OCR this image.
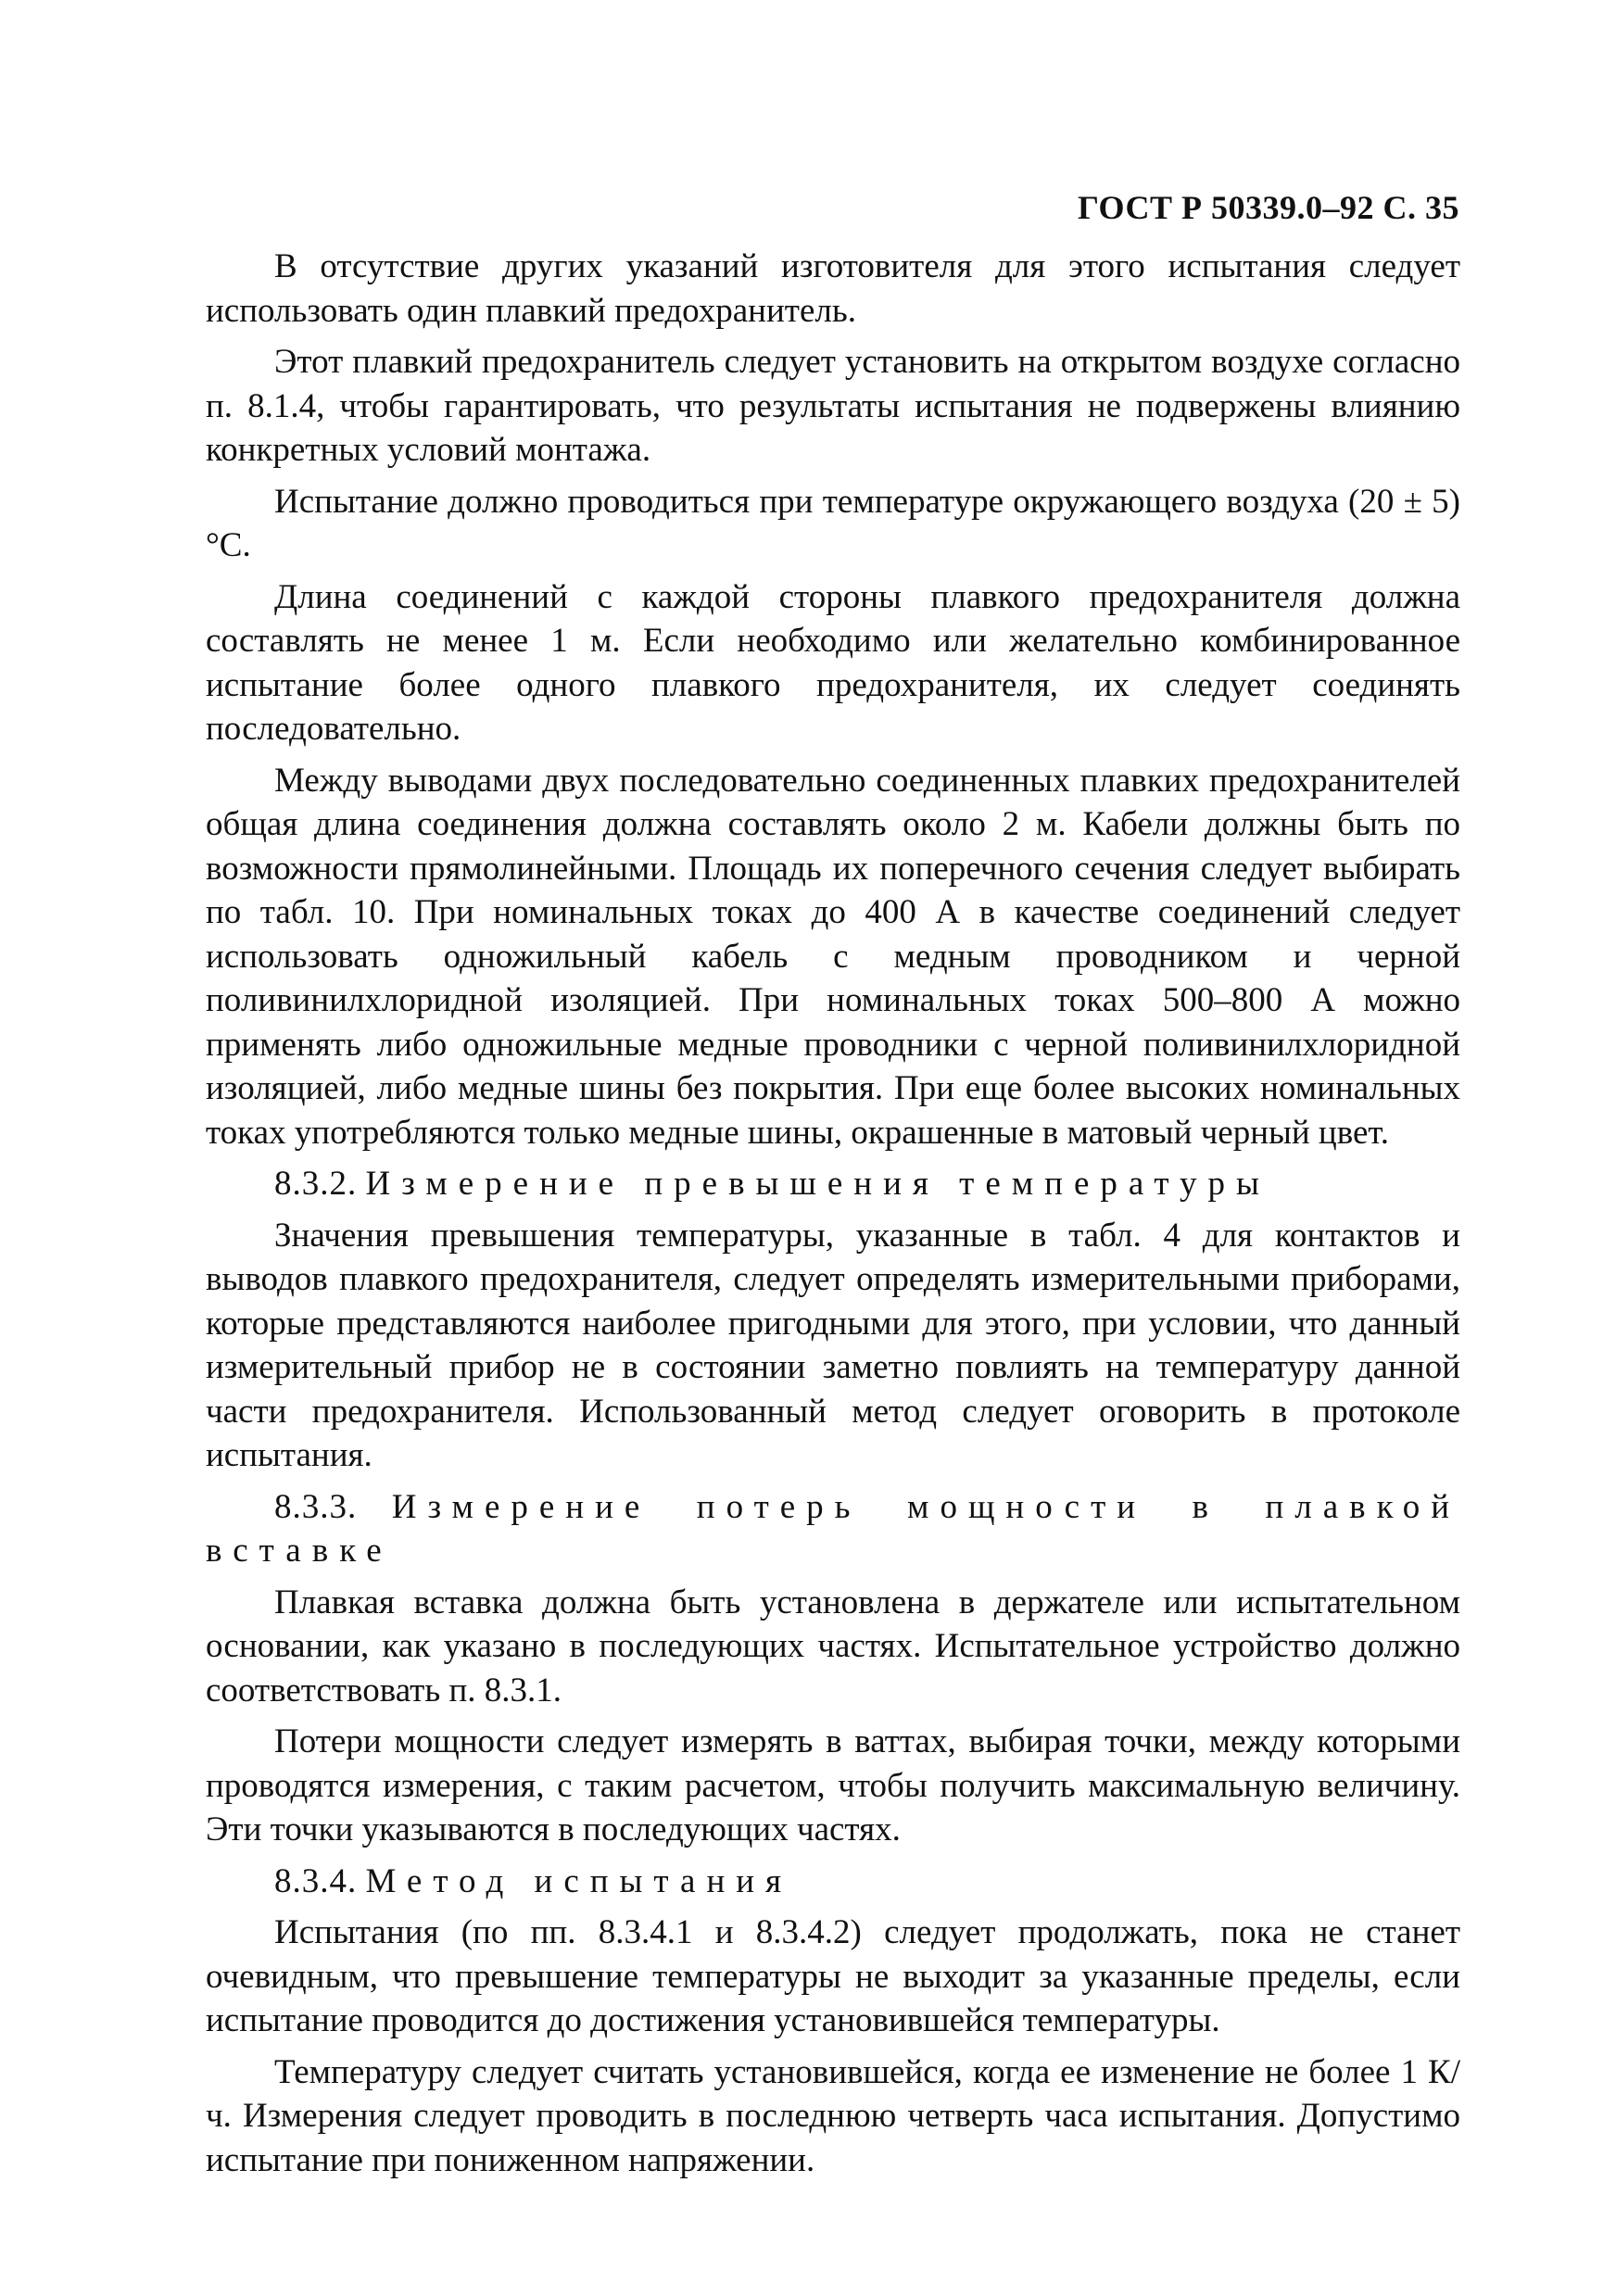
ГОСТ Р 50339.0–92 С. 35

В отсутствие других указаний изготовителя для этого испытания следует использовать один плавкий предохранитель.

Этот плавкий предохранитель следует установить на открытом воздухе согласно п. 8.1.4, чтобы гарантировать, что результаты испытания не подвержены влиянию конкретных условий монтажа.

Испытание должно проводиться при температуре окружающего воздуха (20 ± 5)°С.

Длина соединений с каждой стороны плавкого предохранителя должна составлять не менее 1 м. Если необходимо или желательно комбинированное испытание более одного плавкого предохранителя, их следует соединять последовательно.

Между выводами двух последовательно соединенных плавких предохранителей общая длина соединения должна составлять около 2 м. Кабели должны быть по возможности прямолинейными. Площадь их поперечного сечения следует выбирать по табл. 10. При номинальных токах до 400 А в качестве соединений следует использовать одножильный кабель с медным проводником и черной поливинилхлоридной изоляцией. При номинальных токах 500–800 А можно применять либо одножильные медные проводники с черной поливинилхлоридной изоляцией, либо медные шины без покрытия. При еще более высоких номинальных токах употребляются только медные шины, окрашенные в матовый черный цвет.

8.3.2. Измерение превышения температуры

Значения превышения температуры, указанные в табл. 4 для контактов и выводов плавкого предохранителя, следует определять измерительными приборами, которые представляются наиболее пригодными для этого, при условии, что данный измерительный прибор не в состоянии заметно повлиять на температуру данной части предохранителя. Использованный метод следует оговорить в протоколе испытания.

8.3.3. Измерение потерь мощности в плавкой вставке

Плавкая вставка должна быть установлена в держателе или испытательном основании, как указано в последующих частях. Испытательное устройство должно соответствовать п. 8.3.1.

Потери мощности следует измерять в ваттах, выбирая точки, между которыми проводятся измерения, с таким расчетом, чтобы получить максимальную величину. Эти точки указываются в последующих частях.

8.3.4. Метод испытания

Испытания (по пп. 8.3.4.1 и 8.3.4.2) следует продолжать, пока не станет очевидным, что превышение температуры не выходит за указанные пределы, если испытание проводится до достижения установившейся температуры.

Температуру следует считать установившейся, когда ее изменение не более 1 К/ч. Измерения следует проводить в последнюю четверть часа испытания. Допустимо испытание при пониженном напряжении.
